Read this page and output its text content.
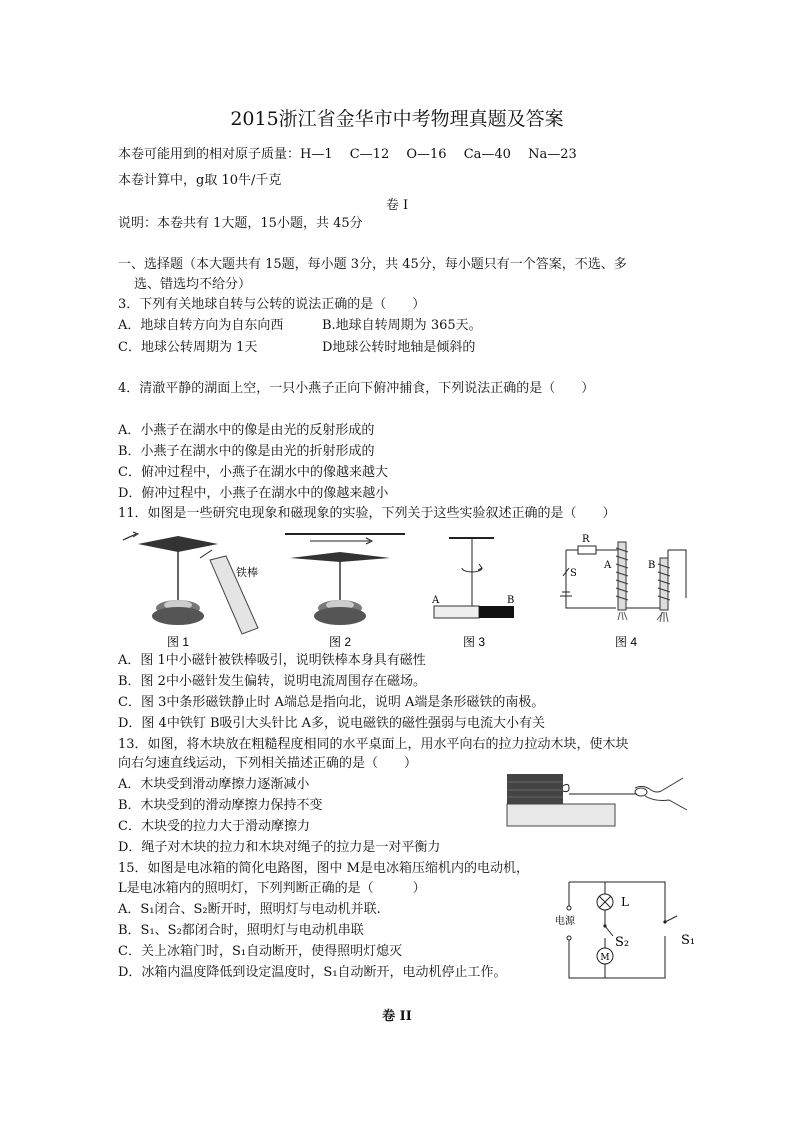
2015浙江省金华市中考物理真题及答案
本卷可能用到的相对原子质量：H—1　 C—12　 O—16　 Ca—40　 Na—23
本卷计算中，g取 10牛/千克
卷 I
说明：本卷共有 1大题，15小题，共 45分
一、选择题（本大题共有 15题，每小题 3分，共 45分，每小题只有一个答案，不选、多
选、错选均不给分）
3．下列有关地球自转与公转的说法正确的是（　　）
A．地球自转方向为自东向西	B.地球自转周期为 365天。
C．地球公转周期为 1天	D地球公转时地轴是倾斜的
4．清澈平静的湖面上空，一只小燕子正向下俯冲捕食，下列说法正确的是（　　）
A．小燕子在湖水中的像是由光的反射形成的
B．小燕子在湖水中的像是由光的折射形成的
C．俯冲过程中，小燕子在湖水中的像越来越大
D．俯冲过程中，小燕子在湖水中的像越来越小
11．如图是一些研究电现象和磁现象的实验，下列关于这些实验叙述正确的是（　　）
铁棒
图 1	图 2
A	B
图 3
R
S
A	B
图 4
A．图 1中小磁针被铁棒吸引，说明铁棒本身具有磁性
B．图 2中小磁针发生偏转，说明电流周围存在磁场。
C．图 3中条形磁铁静止时 A端总是指向北，说明 A端是条形磁铁的南极。
D．图 4中铁钉 B吸引大头针比 A多，说电磁铁的磁性强弱与电流大小有关
13．如图，将木块放在粗糙程度相同的水平桌面上，用水平向右的拉力拉动木块，使木块
向右匀速直线运动，下列相关描述正确的是（　　）
A．木块受到滑动摩擦力逐渐减小
B．木块受到的滑动摩擦力保持不变
C．木块受的拉力大于滑动摩擦力
D．绳子对木块的拉力和木块对绳子的拉力是一对平衡力
15．如图是电冰箱的简化电路图，图中 M是电冰箱压缩机内的电动机，
L是电冰箱内的照明灯，下列判断正确的是（　　　）
A．S₁闭合、S₂断开时，照明灯与电动机并联.
B．S₁、S₂都闭合时，照明灯与电动机串联
C．关上冰箱门时，S₁自动断开，使得照明灯熄灭
D．冰箱内温度降低到设定温度时，S₁自动断开，电动机停止工作。
L
电源
S₂	S₁
M
卷 II
